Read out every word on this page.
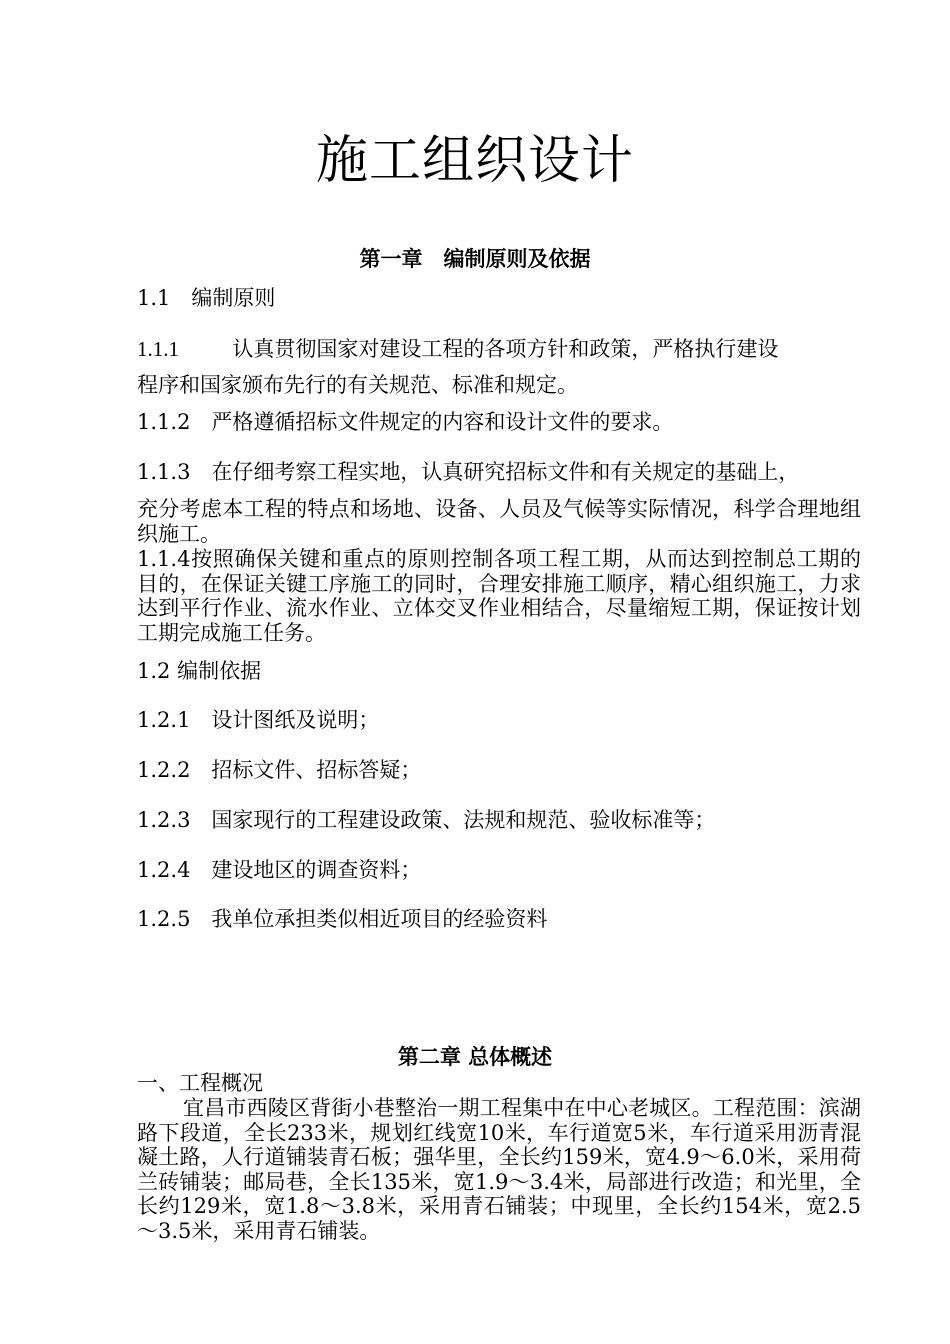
施工组织设计
第一章　编制原则及依据
1.1　编制原则
1.1.1	认真贯彻国家对建设工程的各项方针和政策，严格执行建设
程序和国家颁布先行的有关规范、标准和规定。
1.1.2　严格遵循招标文件规定的内容和设计文件的要求。
1.1.3　在仔细考察工程实地，认真研究招标文件和有关规定的基础上，
充分考虑本工程的特点和场地、设备、人员及气候等实际情况，科学合理地组织施工。
1.1.4按照确保关键和重点的原则控制各项工程工期，从而达到控制总工期的目的，在保证关键工序施工的同时，合理安排施工顺序，精心组织施工，力求达到平行作业、流水作业、立体交叉作业相结合，尽量缩短工期，保证按计划工期完成施工任务。
1.2 编制依据
1.2.1　设计图纸及说明；
1.2.2　招标文件、招标答疑；
1.2.3　国家现行的工程建设政策、法规和规范、验收标准等；
1.2.4　建设地区的调查资料；
1.2.5　我单位承担类似相近项目的经验资料
第二章 总体概述
一、工程概况
宜昌市西陵区背街小巷整治一期工程集中在中心老城区。工程范围：滨湖路下段道，全长233米，规划红线宽10米，车行道宽5米，车行道采用沥青混凝土路，人行道铺装青石板；强华里，全长约159米，宽4.9～6.0米，采用荷兰砖铺装；邮局巷，全长135米，宽1.9～3.4米，局部进行改造；和光里，全长约129米，宽1.8～3.8米，采用青石铺装；中现里，全长约154米，宽2.5～3.5米，采用青石铺装。
